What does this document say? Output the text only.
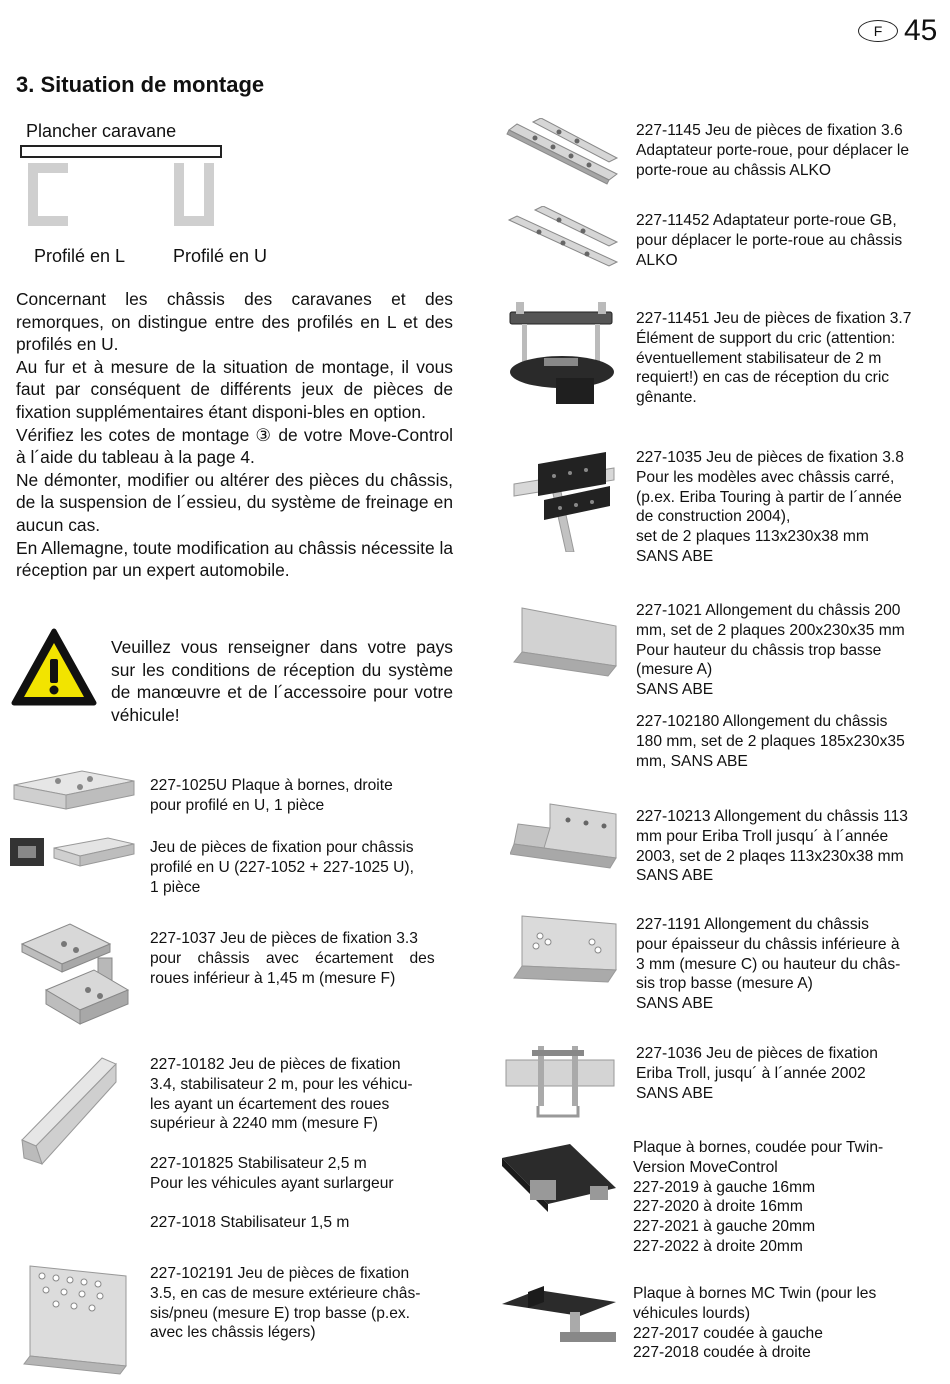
F 45
3. Situation de montage
Plancher caravane
Profilé en L	Profilé en U

Concernant les châssis des caravanes et des remorques, on distingue entre des profilés en L et des profilés en U.

Au fur et à mesure de la situation de montage, il vous faut par conséquent de différents jeux de pièces de fixation supplémentaires étant disponi-bles en option.

Vérifiez les cotes de montage ③ de votre Move-Control à l´aide du tableau à la page 4.

Ne démonter, modifier ou altérer des pièces du châssis, de la suspension de l´essieu, du système de freinage en aucun cas.

En Allemagne, toute modification au châssis nécessite la réception par un expert automobile.

Veuillez vous renseigner dans votre pays sur les conditions de réception du système de manœuvre et de l´accessoire pour votre véhicule!
227-1025U Plaque à bornes, droite
pour profilé en U, 1 pièce
Jeu de pièces de fixation pour châssis
profilé en U (227-1052 + 227-1025 U),
1 pièce
227-1037 Jeu de pièces de fixation 3.3
pour châssis avec écartement des
roues inférieur à 1,45 m (mesure F)
227-10182 Jeu de pièces de fixation
3.4, stabilisateur 2 m, pour les véhicu-
les ayant un écartement des roues
supérieur à 2240 mm (mesure F)
227-101825 Stabilisateur 2,5 m
Pour les véhicules ayant surlargeur
227-1018 Stabilisateur 1,5 m
227-102191 Jeu de pièces de fixation
3.5, en cas de mesure extérieure châs-
sis/pneu (mesure E) trop basse (p.ex.
avec les châssis légers)
227-1145 Jeu de pièces de fixation 3.6
Adaptateur porte-roue, pour déplacer le
porte-roue au châssis ALKO
227-11452 Adaptateur porte-roue GB,
pour déplacer le porte-roue au châssis
ALKO
227-11451 Jeu de pièces de fixation 3.7
Élément de support du cric (attention:
éventuellement stabilisateur de 2 m
requiert!) en cas de réception du cric
gênante.
227-1035 Jeu de pièces de fixation 3.8
Pour les modèles avec châssis carré,
(p.ex. Eriba Touring à partir de l´année
de construction 2004),
set de 2 plaques 113x230x38 mm
SANS ABE
227-1021 Allongement du châssis 200
mm, set de 2 plaques 200x230x35 mm
Pour hauteur du châssis trop basse
(mesure A)
SANS ABE
227-102180 Allongement du châssis
180 mm, set de 2 plaques 185x230x35
mm, SANS ABE
227-10213 Allongement du châssis 113
mm pour Eriba Troll jusqu´ à l´année
2003, set de 2 plaqes 113x230x38 mm
SANS ABE
227-1191 Allongement du châssis
pour épaisseur du châssis inférieure à
3 mm (mesure C) ou hauteur du châs-
sis trop basse (mesure A)
SANS ABE
227-1036 Jeu de pièces de fixation
Eriba Troll, jusqu´ à l´année 2002
SANS ABE
Plaque à bornes, coudée pour Twin-
Version MoveControl
227-2019 à gauche 16mm
227-2020 à droite 16mm
227-2021 à gauche 20mm
227-2022 à droite 20mm
Plaque à bornes MC Twin (pour les
véhicules lourds)
227-2017 coudée à gauche
227-2018 coudée à droite
